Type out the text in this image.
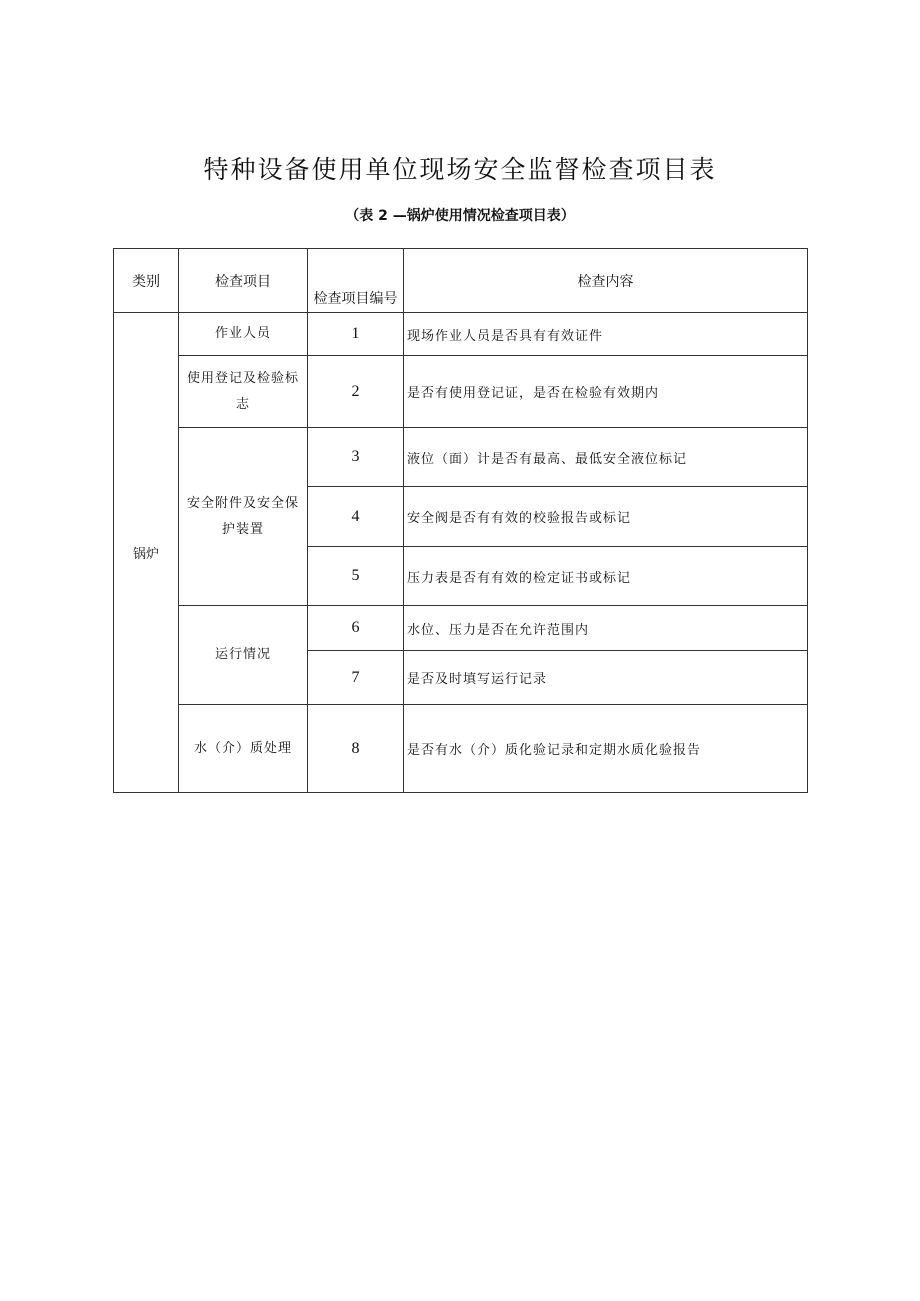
特种设备使用单位现场安全监督检查项目表
（表 2 —锅炉使用情况检查项目表）
类别	检查项目	检查项目编号	检查内容
锅炉	作业人员	1	现场作业人员是否具有有效证件
	使用登记及检验标志	2	是否有使用登记证，是否在检验有效期内
	安全附件及安全保护装置	3	液位（面）计是否有最高、最低安全液位标记
		4	安全阀是否有有效的校验报告或标记
		5	压力表是否有有效的检定证书或标记
	运行情况	6	水位、压力是否在允许范围内
		7	是否及时填写运行记录
	水（介）质处理	8	是否有水（介）质化验记录和定期水质化验报告
